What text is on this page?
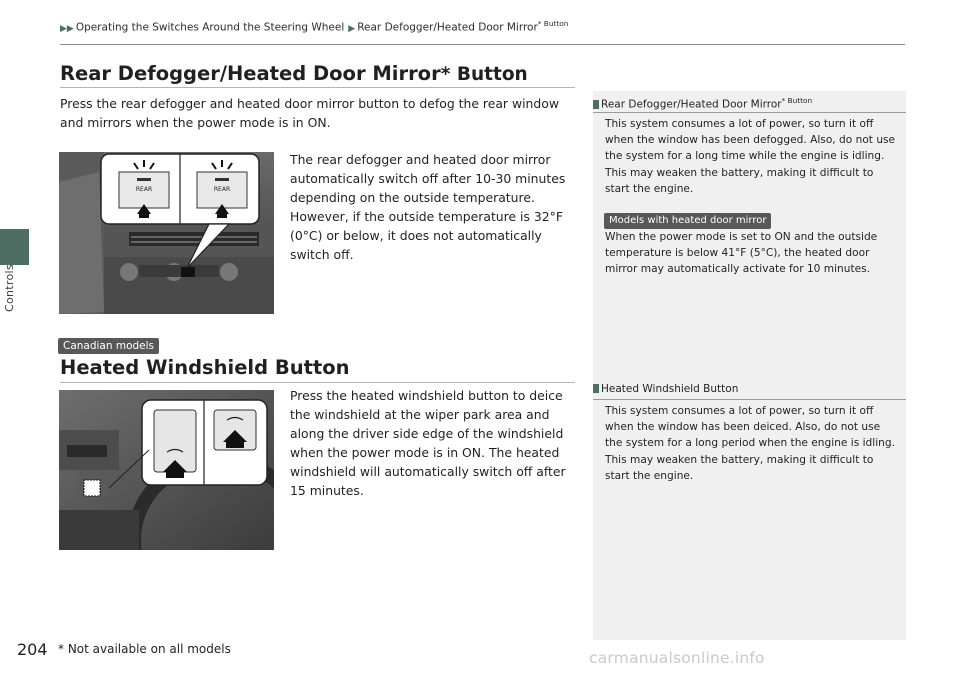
Controls
▶▶ Operating the Switches Around the Steering Wheel ▶ Rear Defogger/Heated Door Mirror$^{* Button}$
Rear Defogger/Heated Door Mirror* Button

Press the rear defogger and heated door mirror button to defog the rear window and mirrors when the power mode is in ON.

REAR	REAR

The rear defogger and heated door mirror automatically switch off after 10-30 minutes depending on the outside temperature. However, if the outside temperature is 32°F (0°C) or below, it does not automatically switch off.

Canadian models
Heated Windshield Button

Press the heated windshield button to deice the windshield at the wiper park area and along the driver side edge of the windshield when the power mode is in ON. The heated windshield will automatically switch off after 15 minutes.

Rear Defogger/Heated Door Mirror$^{* Button}$

This system consumes a lot of power, so turn it off when the window has been defogged. Also, do not use the system for a long time while the engine is idling. This may weaken the battery, making it difficult to start the engine.

Models with heated door mirror

When the power mode is set to ON and the outside temperature is below 41°F (5°C), the heated door mirror may automatically activate for 10 minutes.

Heated Windshield Button

This system consumes a lot of power, so turn it off when the window has been deiced. Also, do not use the system for a long period when the engine is idling. This may weaken the battery, making it difficult to start the engine.

204 * Not available on all models	carmanualsonline.info
